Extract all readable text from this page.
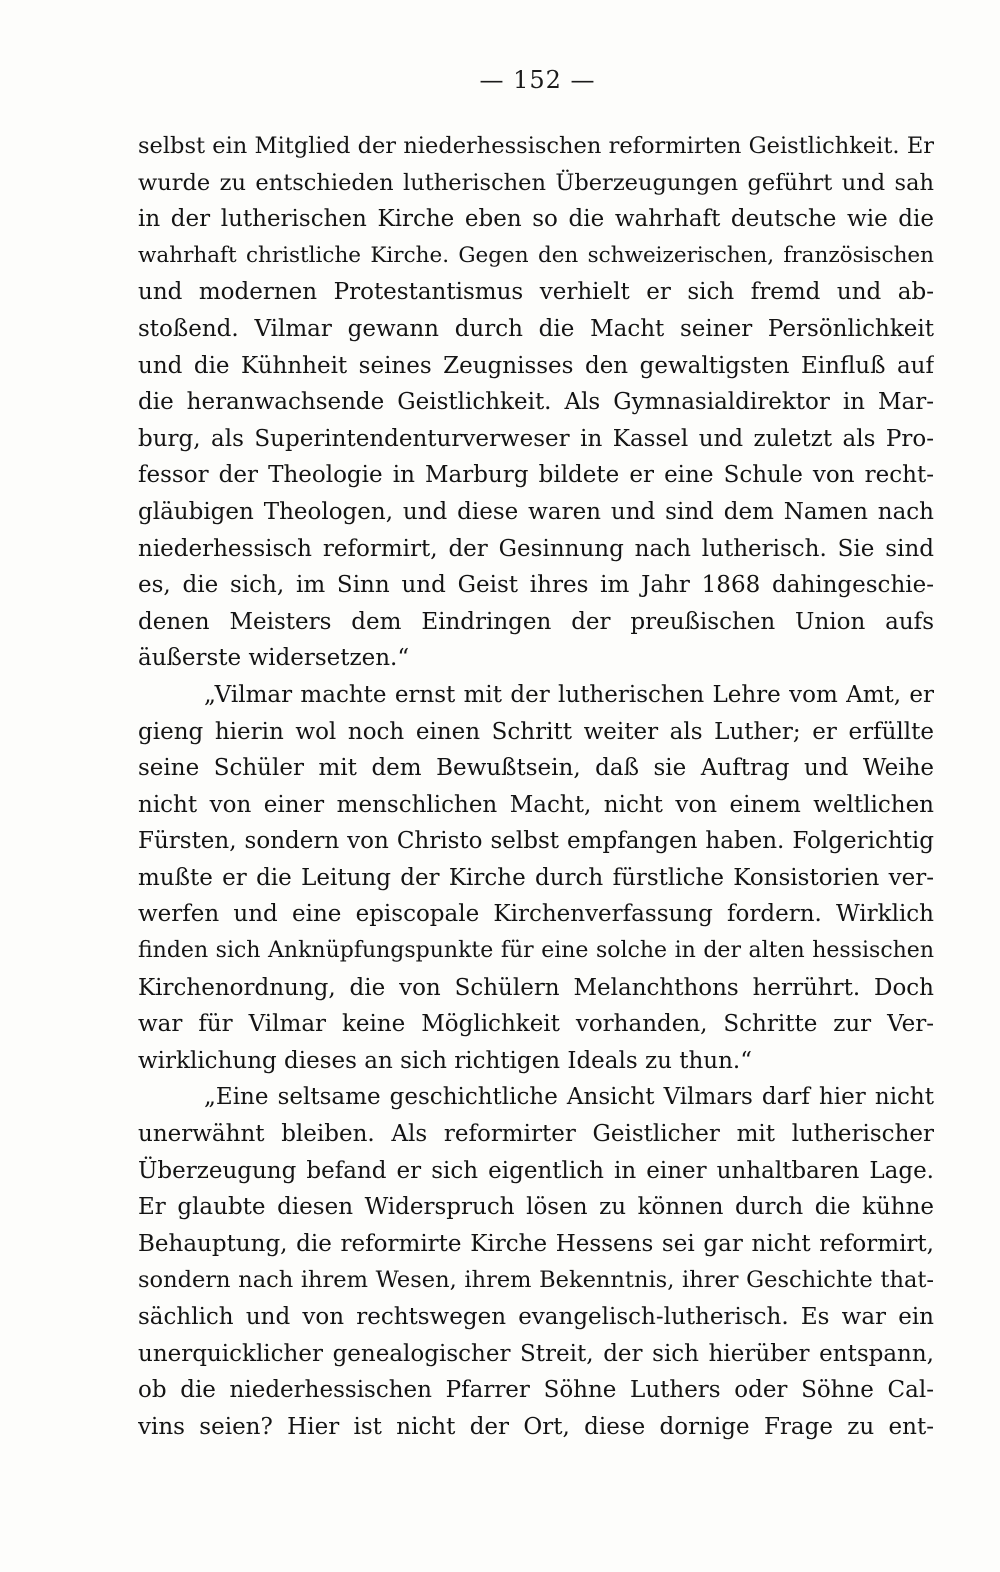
— 152 —
selbst ein Mitglied der niederhessischen reformirten Geistlichkeit. Er
wurde zu entschieden lutherischen Überzeugungen geführt und sah
in der lutherischen Kirche eben so die wahrhaft deutsche wie die
wahrhaft christliche Kirche. Gegen den schweizerischen, französischen
und modernen Protestantismus verhielt er sich fremd und ab-
stoßend. Vilmar gewann durch die Macht seiner Persönlichkeit
und die Kühnheit seines Zeugnisses den gewaltigsten Einfluß auf
die heranwachsende Geistlichkeit. Als Gymnasialdirektor in Mar-
burg, als Superintendenturverweser in Kassel und zuletzt als Pro-
fessor der Theologie in Marburg bildete er eine Schule von recht-
gläubigen Theologen, und diese waren und sind dem Namen nach
niederhessisch reformirt, der Gesinnung nach lutherisch. Sie sind
es, die sich, im Sinn und Geist ihres im Jahr 1868 dahingeschie-
denen Meisters dem Eindringen der preußischen Union aufs
äußerste widersetzen.“
„Vilmar machte ernst mit der lutherischen Lehre vom Amt, er
gieng hierin wol noch einen Schritt weiter als Luther; er erfüllte
seine Schüler mit dem Bewußtsein, daß sie Auftrag und Weihe
nicht von einer menschlichen Macht, nicht von einem weltlichen
Fürsten, sondern von Christo selbst empfangen haben. Folgerichtig
mußte er die Leitung der Kirche durch fürstliche Konsistorien ver-
werfen und eine episcopale Kirchenverfassung fordern. Wirklich
finden sich Anknüpfungspunkte für eine solche in der alten hessischen
Kirchenordnung, die von Schülern Melanchthons herrührt. Doch
war für Vilmar keine Möglichkeit vorhanden, Schritte zur Ver-
wirklichung dieses an sich richtigen Ideals zu thun.“
„Eine seltsame geschichtliche Ansicht Vilmars darf hier nicht
unerwähnt bleiben. Als reformirter Geistlicher mit lutherischer
Überzeugung befand er sich eigentlich in einer unhaltbaren Lage.
Er glaubte diesen Widerspruch lösen zu können durch die kühne
Behauptung, die reformirte Kirche Hessens sei gar nicht reformirt,
sondern nach ihrem Wesen, ihrem Bekenntnis, ihrer Geschichte that-
sächlich und von rechtswegen evangelisch-lutherisch. Es war ein
unerquicklicher genealogischer Streit, der sich hierüber entspann,
ob die niederhessischen Pfarrer Söhne Luthers oder Söhne Cal-
vins seien? Hier ist nicht der Ort, diese dornige Frage zu ent-
